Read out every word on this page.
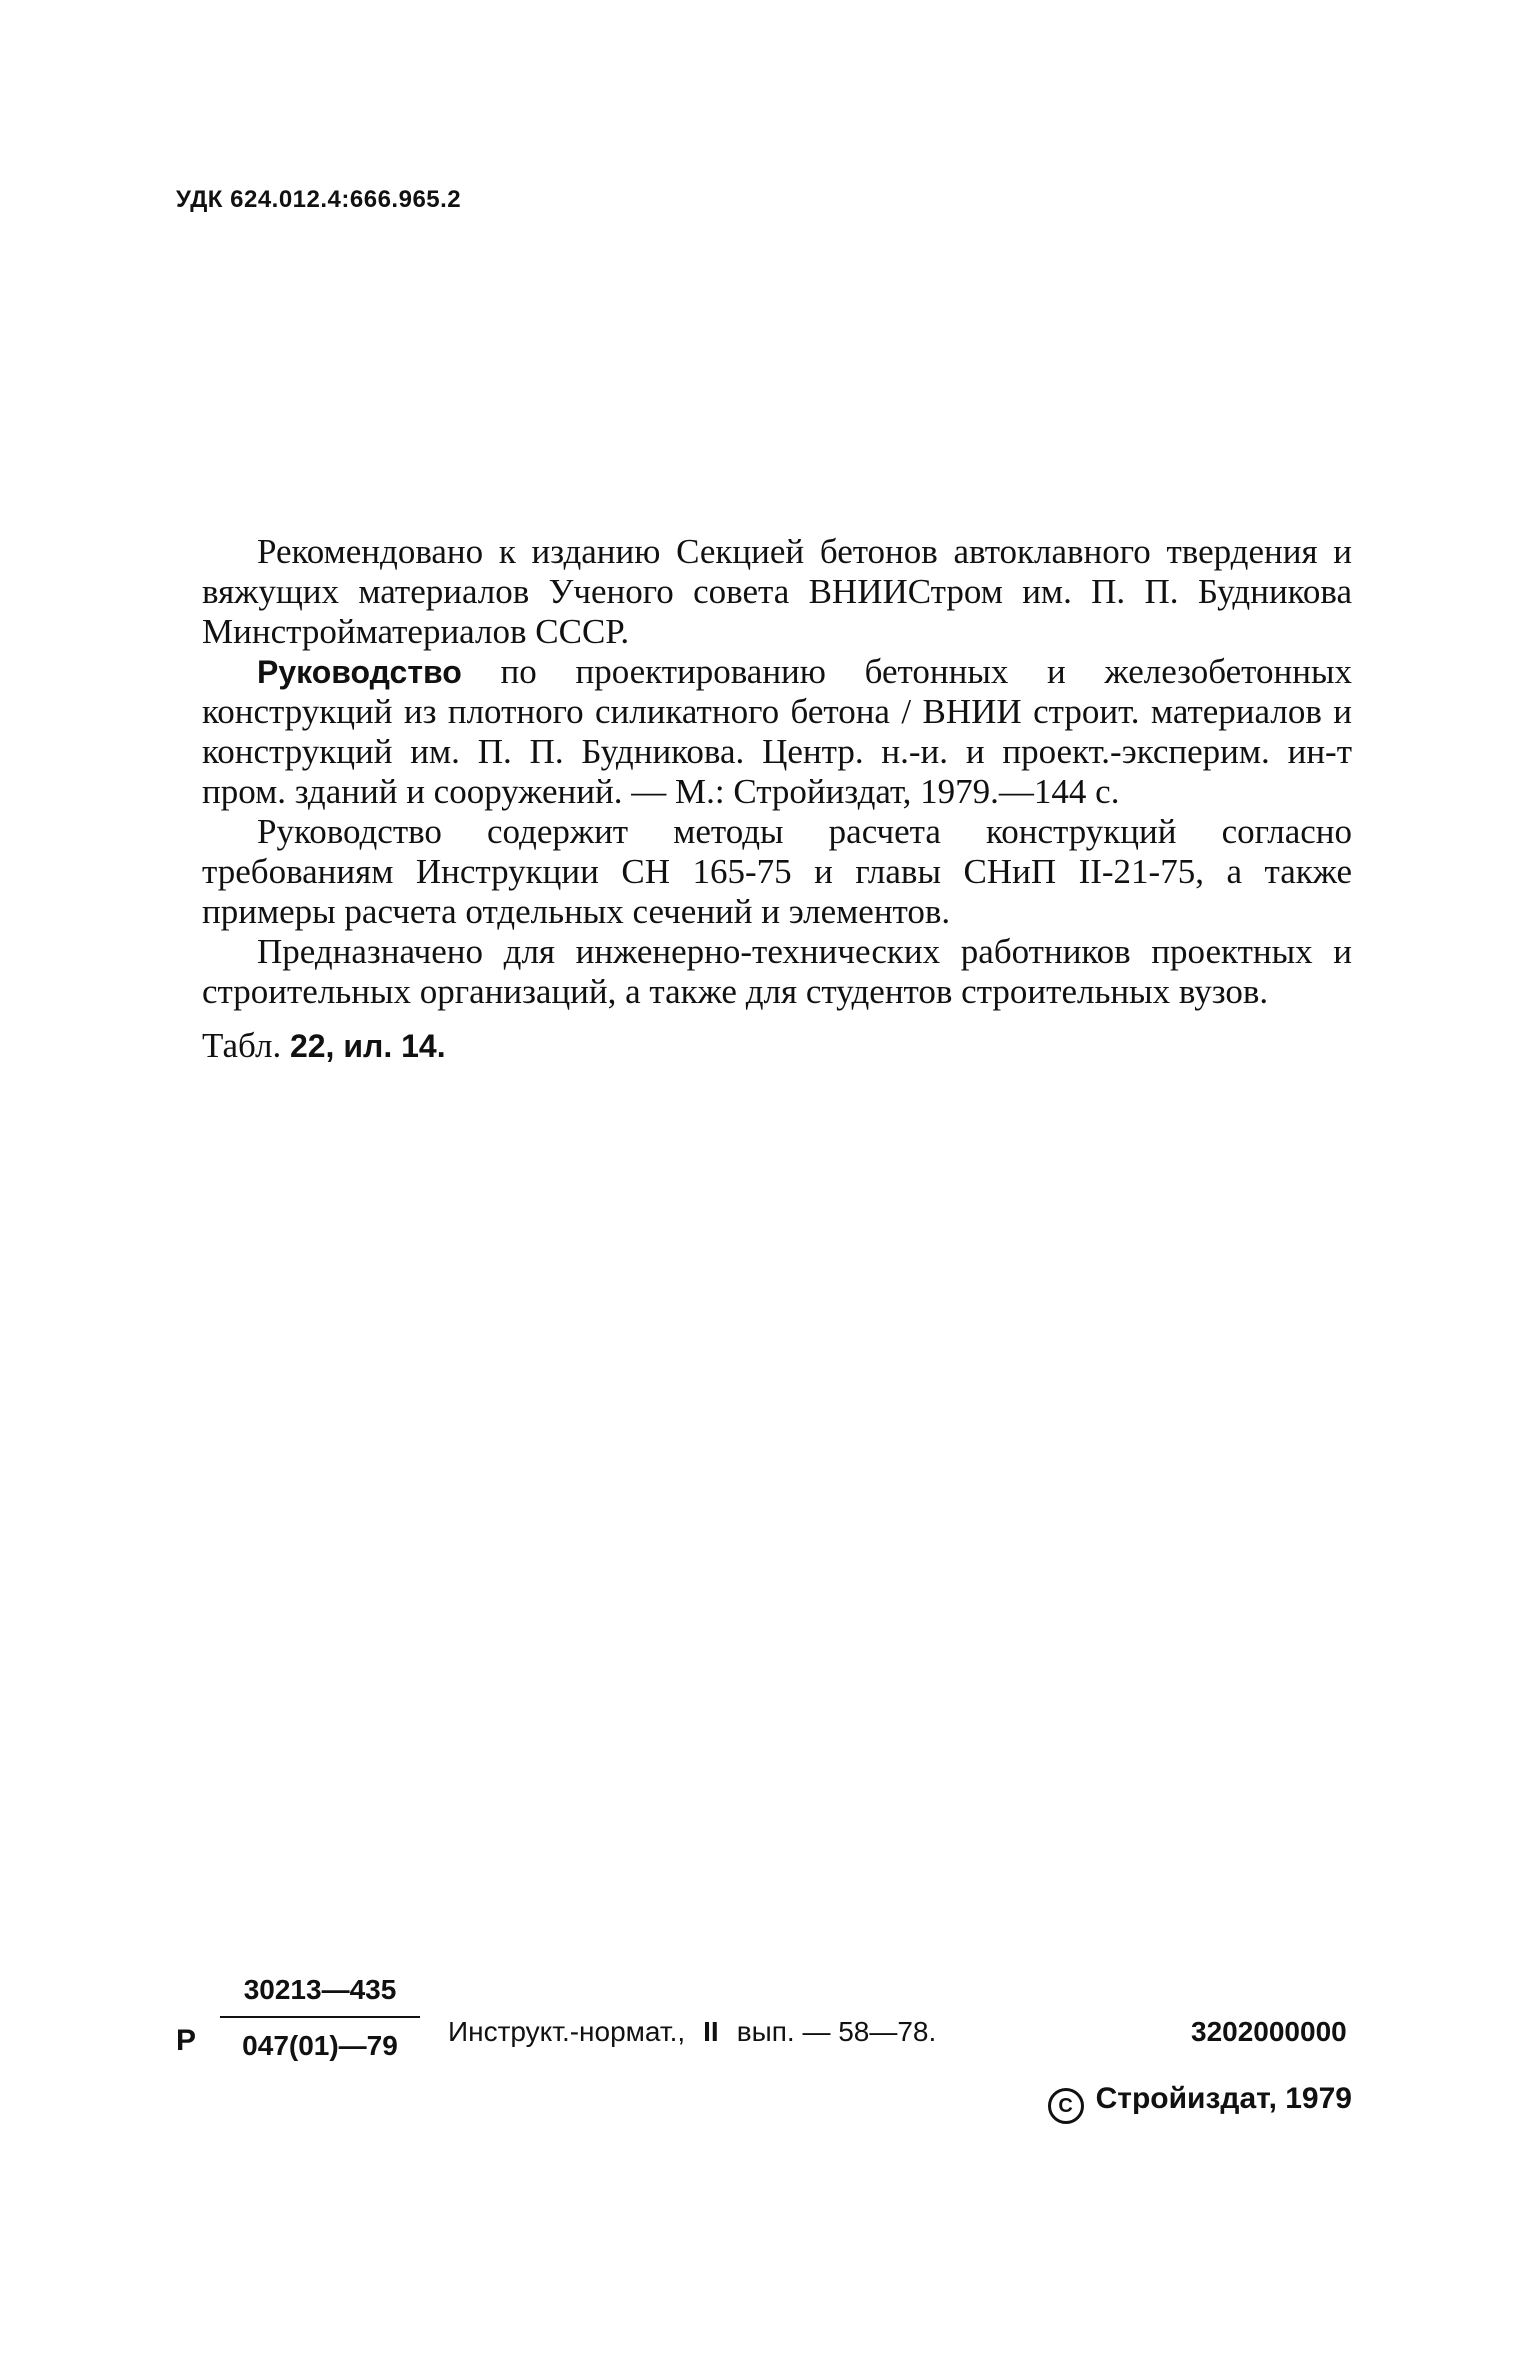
УДК 624.012.4:666.965.2

Рекомендовано к изданию Секцией бетонов автоклавного твердения и вяжущих материалов Ученого совета ВНИИСтром им. П. П. Будникова Минстройматериалов СССР.

Руководство по проектированию бетонных и железобетонных конструкций из плотного силикатного бетона / ВНИИ строит. материалов и конструкций им. П. П. Будникова. Центр. н.-и. и проект.-эксперим. ин-т пром. зданий и сооружений. — М.: Стройиздат, 1979.—144 с.

Руководство содержит методы расчета конструкций согласно требованиям Инструкции СН 165-75 и главы СНиП II-21-75, а также примеры расчета отдельных сечений и элементов.

Предназначено для инженерно-технических работников проектных и строительных организаций, а также для студентов строительных вузов.

Табл. 22, ил. 14.

Р
30213—435
047(01)—79	Инструкт.-нормат., II вып. — 58—78.	3202000000
C Стройиздат, 1979
